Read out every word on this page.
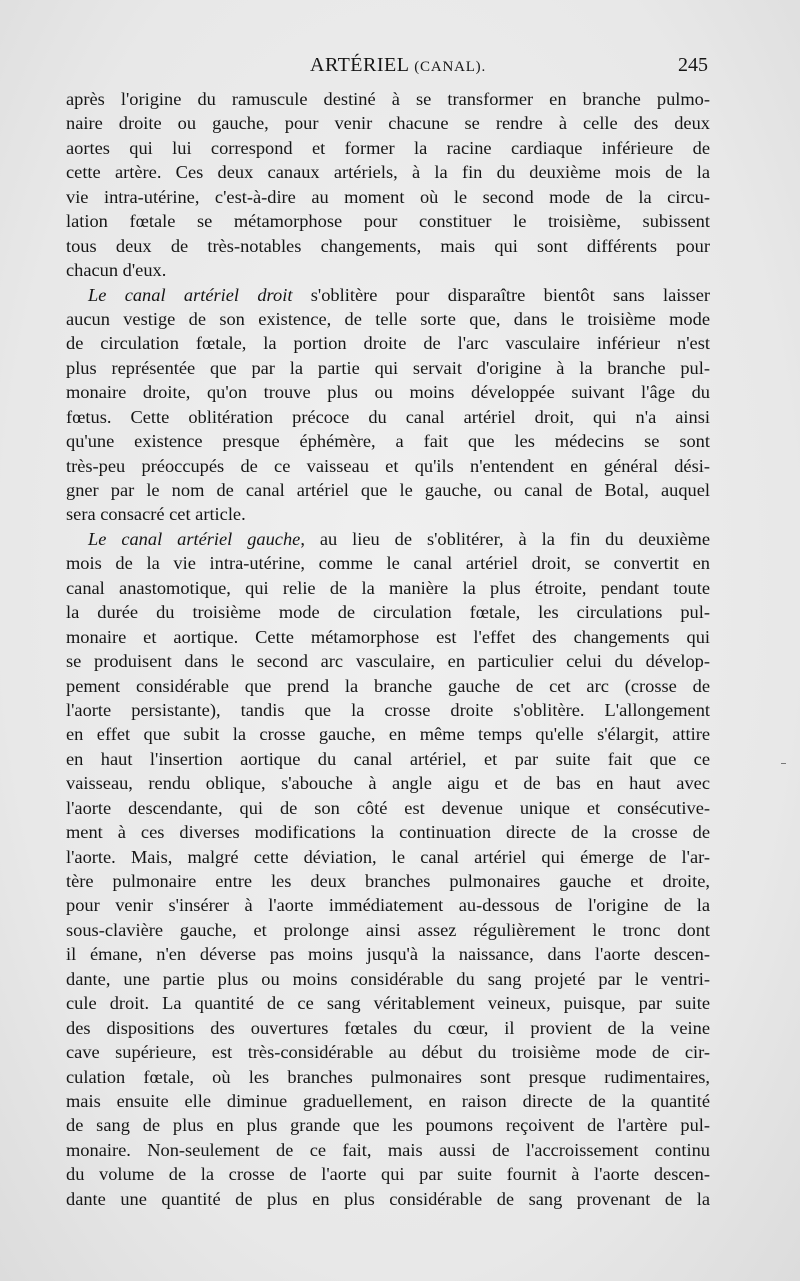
ARTÉRIEL (CANAL).	245
après l'origine du ramuscule destiné à se transformer en branche pulmo-
naire droite ou gauche, pour venir chacune se rendre à celle des deux
aortes qui lui correspond et former la racine cardiaque inférieure de
cette artère. Ces deux canaux artériels, à la fin du deuxième mois de la
vie intra-utérine, c'est-à-dire au moment où le second mode de la circu-
lation fœtale se métamorphose pour constituer le troisième, subissent
tous deux de très-notables changements, mais qui sont différents pour
chacun d'eux.
Le canal artériel droit s'oblitère pour disparaître bientôt sans laisser
aucun vestige de son existence, de telle sorte que, dans le troisième mode
de circulation fœtale, la portion droite de l'arc vasculaire inférieur n'est
plus représentée que par la partie qui servait d'origine à la branche pul-
monaire droite, qu'on trouve plus ou moins développée suivant l'âge du
fœtus. Cette oblitération précoce du canal artériel droit, qui n'a ainsi
qu'une existence presque éphémère, a fait que les médecins se sont
très-peu préoccupés de ce vaisseau et qu'ils n'entendent en général dési-
gner par le nom de canal artériel que le gauche, ou canal de Botal, auquel
sera consacré cet article.
Le canal artériel gauche, au lieu de s'oblitérer, à la fin du deuxième
mois de la vie intra-utérine, comme le canal artériel droit, se convertit en
canal anastomotique, qui relie de la manière la plus étroite, pendant toute
la durée du troisième mode de circulation fœtale, les circulations pul-
monaire et aortique. Cette métamorphose est l'effet des changements qui
se produisent dans le second arc vasculaire, en particulier celui du dévelop-
pement considérable que prend la branche gauche de cet arc (crosse de
l'aorte persistante), tandis que la crosse droite s'oblitère. L'allongement
en effet que subit la crosse gauche, en même temps qu'elle s'élargit, attire
en haut l'insertion aortique du canal artériel, et par suite fait que ce
vaisseau, rendu oblique, s'abouche à angle aigu et de bas en haut avec
l'aorte descendante, qui de son côté est devenue unique et consécutive-
ment à ces diverses modifications la continuation directe de la crosse de
l'aorte. Mais, malgré cette déviation, le canal artériel qui émerge de l'ar-
tère pulmonaire entre les deux branches pulmonaires gauche et droite,
pour venir s'insérer à l'aorte immédiatement au-dessous de l'origine de la
sous-clavière gauche, et prolonge ainsi assez régulièrement le tronc dont
il émane, n'en déverse pas moins jusqu'à la naissance, dans l'aorte descen-
dante, une partie plus ou moins considérable du sang projeté par le ventri-
cule droit. La quantité de ce sang véritablement veineux, puisque, par suite
des dispositions des ouvertures fœtales du cœur, il provient de la veine
cave supérieure, est très-considérable au début du troisième mode de cir-
culation fœtale, où les branches pulmonaires sont presque rudimentaires,
mais ensuite elle diminue graduellement, en raison directe de la quantité
de sang de plus en plus grande que les poumons reçoivent de l'artère pul-
monaire. Non-seulement de ce fait, mais aussi de l'accroissement continu
du volume de la crosse de l'aorte qui par suite fournit à l'aorte descen-
dante une quantité de plus en plus considérable de sang provenant de la
